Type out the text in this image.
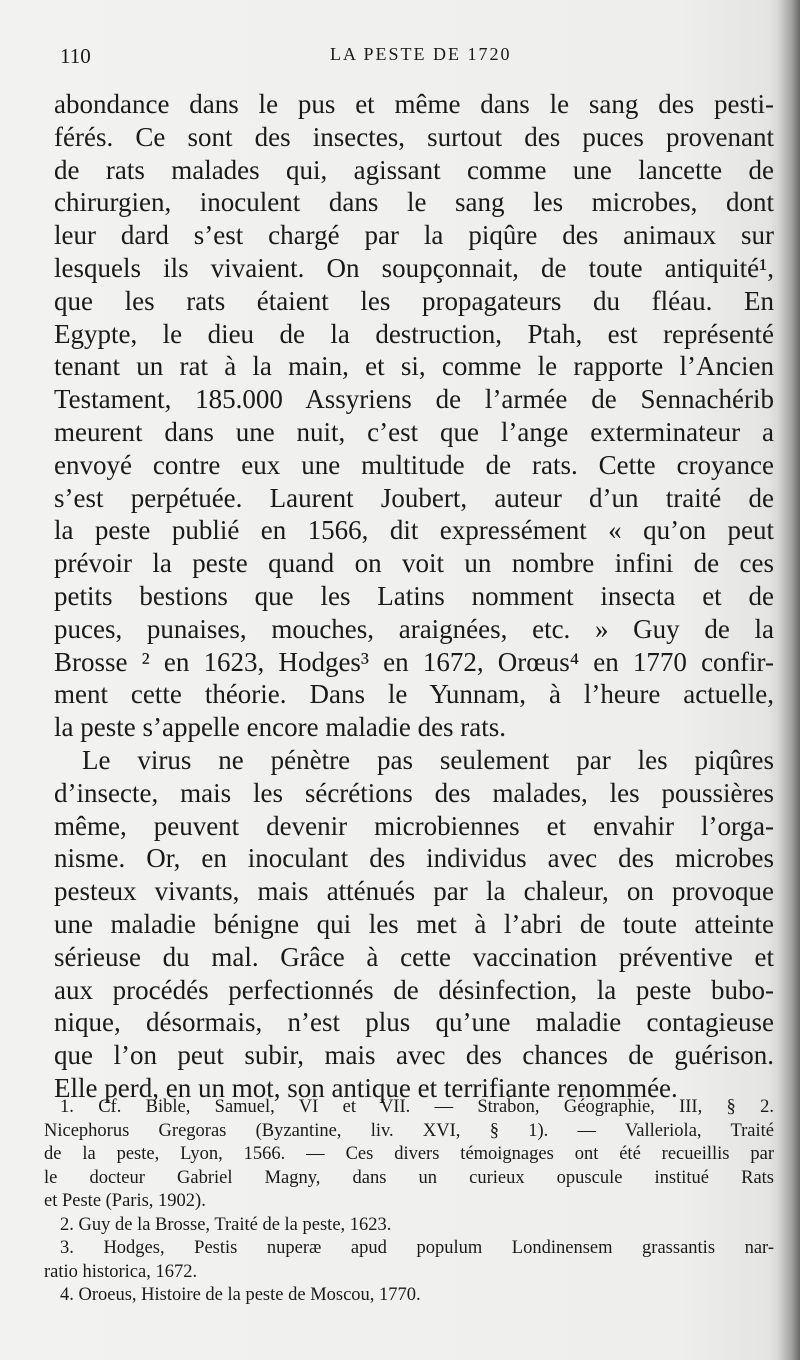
110	LA PESTE DE 1720
abondance dans le pus et même dans le sang des pesti-
férés. Ce sont des insectes, surtout des puces provenant
de rats malades qui, agissant comme une lancette de
chirurgien, inoculent dans le sang les microbes, dont
leur dard s’est chargé par la piqûre des animaux sur
lesquels ils vivaient. On soupçonnait, de toute antiquité¹,
que les rats étaient les propagateurs du fléau. En
Egypte, le dieu de la destruction, Ptah, est représenté
tenant un rat à la main, et si, comme le rapporte l’Ancien
Testament, 185.000 Assyriens de l’armée de Sennachérib
meurent dans une nuit, c’est que l’ange exterminateur a
envoyé contre eux une multitude de rats. Cette croyance
s’est perpétuée. Laurent Joubert, auteur d’un traité de
la peste publié en 1566, dit expressément « qu’on peut
prévoir la peste quand on voit un nombre infini de ces
petits bestions que les Latins nomment insecta et de
puces, punaises, mouches, araignées, etc. » Guy de la
Brosse ² en 1623, Hodges³ en 1672, Orœus⁴ en 1770 confir-
ment cette théorie. Dans le Yunnam, à l’heure actuelle,
la peste s’appelle encore maladie des rats.
Le virus ne pénètre pas seulement par les piqûres
d’insecte, mais les sécrétions des malades, les poussières
même, peuvent devenir microbiennes et envahir l’orga-
nisme. Or, en inoculant des individus avec des microbes
pesteux vivants, mais atténués par la chaleur, on provoque
une maladie bénigne qui les met à l’abri de toute atteinte
sérieuse du mal. Grâce à cette vaccination préventive et
aux procédés perfectionnés de désinfection, la peste bubo-
nique, désormais, n’est plus qu’une maladie contagieuse
que l’on peut subir, mais avec des chances de guérison.
Elle perd, en un mot, son antique et terrifiante renommée.
1. Cf. Bible, Samuel, VI et VII. — Strabon, Géographie, III, § 2.
Nicephorus Gregoras (Byzantine, liv. XVI, § 1). — Valleriola, Traité
de la peste, Lyon, 1566. — Ces divers témoignages ont été recueillis par
le docteur Gabriel Magny, dans un curieux opuscule institué Rats
et Peste (Paris, 1902).
2. Guy de la Brosse, Traité de la peste, 1623.
3. Hodges, Pestis nuperæ apud populum Londinensem grassantis nar-
ratio historica, 1672.
4. Oroeus, Histoire de la peste de Moscou, 1770.
